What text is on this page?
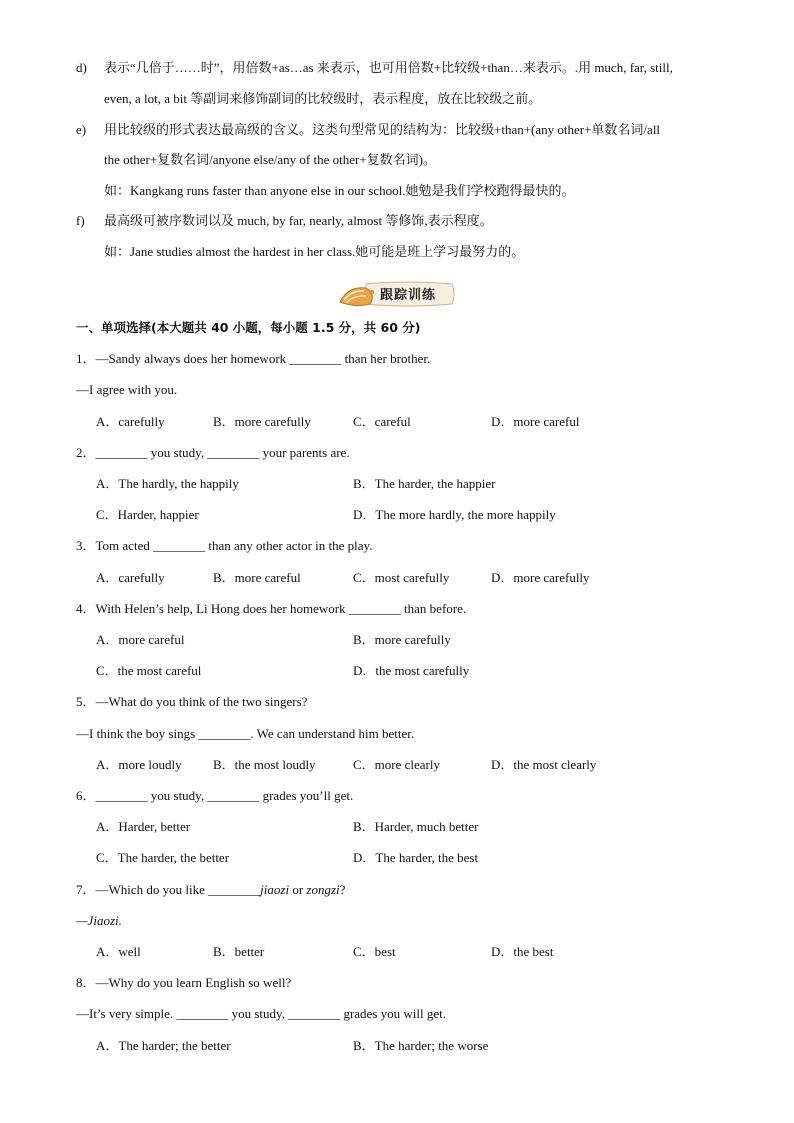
d) 表示“几倍于……时”，用倍数+as…as 来表示，也可用倍数+比较级+than…来表示。.用 much, far, still,
even, a lot, a bit 等副词来修饰副词的比较级时，表示程度，放在比较级之前。
e) 用比较级的形式表达最高级的含义。这类句型常见的结构为：比较级+than+(any other+单数名词/all
the other+复数名词/anyone else/any of the other+复数名词)。
如：Kangkang runs faster than anyone else in our school.她勉是我们学校跑得最快的。
f) 最高级可被序数词以及 much, by far, nearly, almost 等修饰,表示程度。
如：Jane studies almost the hardest in her class.她可能是班上学习最努力的。
跟踪训练
一、单项选择(本大题共 40 小题，每小题 1.5 分，共 60 分)
1．—Sandy always does her homework ________ than her brother.
—I agree with you.
A．carefully	B．more carefully	C．careful	D．more careful
2．________ you study, ________ your parents are.
A．The hardly, the happily	B．The harder, the happier
C．Harder, happier	D．The more hardly, the more happily
3．Tom acted ________ than any other actor in the play.
A．carefully	B．more careful	C．most carefully	D．more carefully
4．With Helen’s help, Li Hong does her homework ________ than before.
A．more careful	B．more carefully
C．the most careful	D．the most carefully
5．—What do you think of the two singers?
—I think the boy sings ________. We can understand him better.
A．more loudly B．the most loudly	C．more clearly	D．the most clearly
6．________ you study, ________ grades you’ll get.
A．Harder, better	B．Harder, much better
C．The harder, the better	D．The harder, the best
7．—Which do you like ________jiaozi or zongzi?
—Jiaozi.
A．well	B．better	C．best	D．the best
8．—Why do you learn English so well?
—It’s very simple. ________ you study, ________ grades you will get.
A．The harder; the better	B．The harder; the worse
